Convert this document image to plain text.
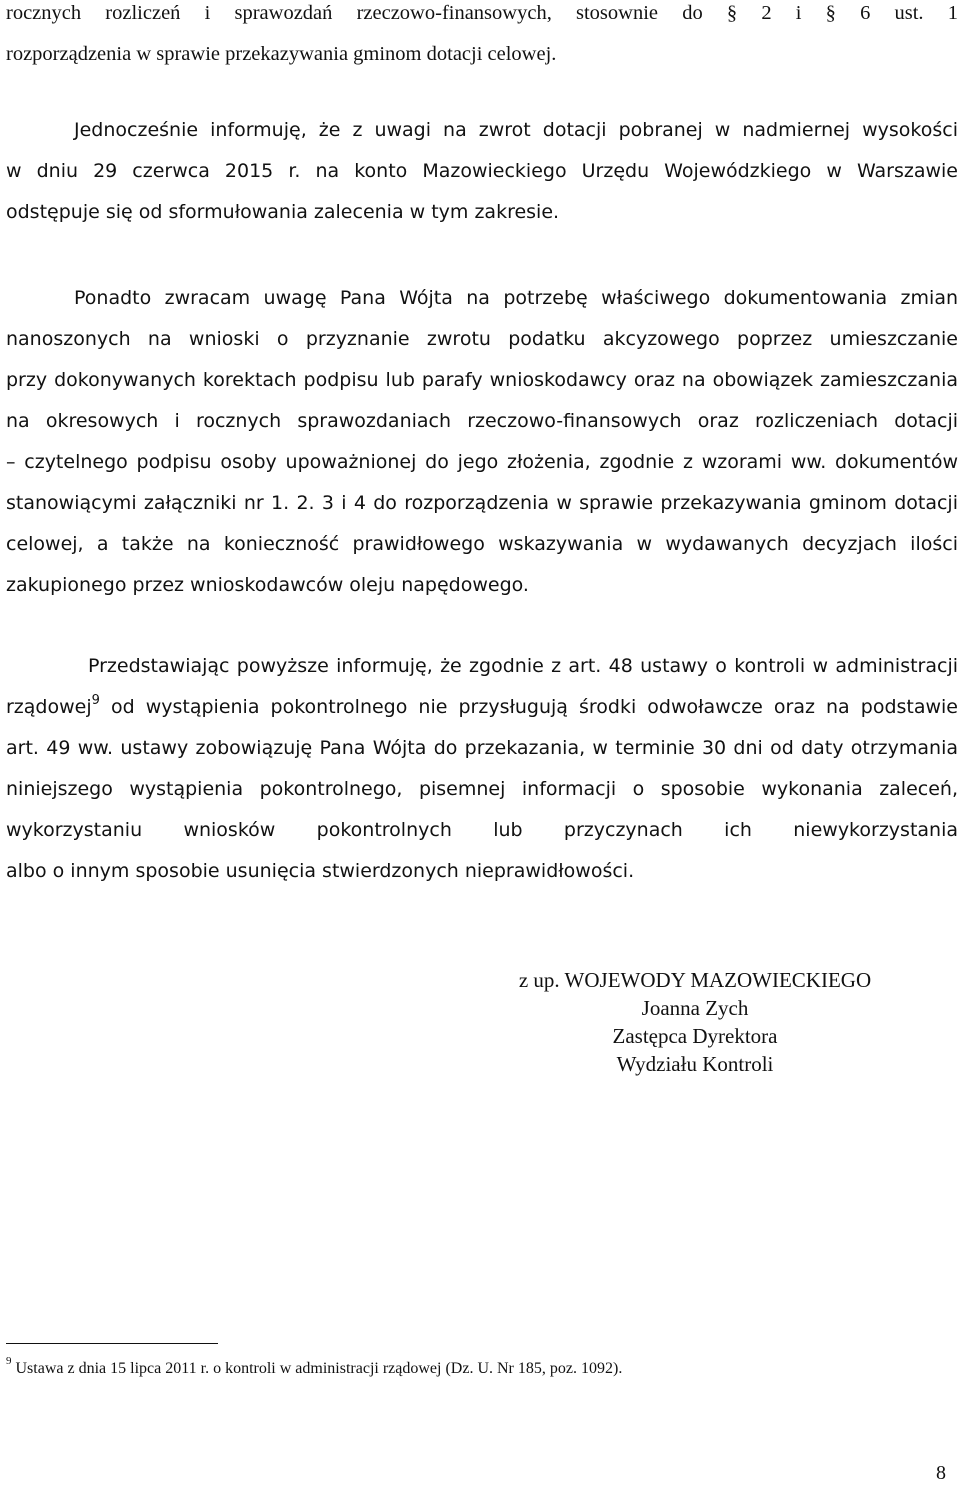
rocznych rozliczeń i sprawozdań rzeczowo-finansowych, stosownie do § 2 i § 6 ust. 1
rozporządzenia w sprawie przekazywania gminom dotacji celowej.
Jednocześnie informuję, że z uwagi na zwrot dotacji pobranej w nadmiernej wysokości
w dniu 29 czerwca 2015 r. na konto Mazowieckiego Urzędu Wojewódzkiego w Warszawie
odstępuje się od sformułowania zalecenia w tym zakresie.
Ponadto zwracam uwagę Pana Wójta na potrzebę właściwego dokumentowania zmian
nanoszonych na wnioski o przyznanie zwrotu podatku akcyzowego poprzez umieszczanie
przy dokonywanych korektach podpisu lub parafy wnioskodawcy oraz na obowiązek zamieszczania
na okresowych i rocznych sprawozdaniach rzeczowo-finansowych oraz rozliczeniach dotacji
– czytelnego podpisu osoby upoważnionej do jego złożenia, zgodnie z wzorami ww. dokumentów
stanowiącymi załączniki nr 1. 2. 3 i 4 do rozporządzenia w sprawie przekazywania gminom dotacji
celowej, a także na konieczność prawidłowego wskazywania w wydawanych decyzjach ilości
zakupionego przez wnioskodawców oleju napędowego.
Przedstawiając powyższe informuję, że zgodnie z art. 48 ustawy o kontroli w administracji
rządowej$^9$ od wystąpienia pokontrolnego nie przysługują środki odwoławcze oraz na podstawie
art. 49 ww. ustawy zobowiązuję Pana Wójta do przekazania, w terminie 30 dni od daty otrzymania
niniejszego wystąpienia pokontrolnego, pisemnej informacji o sposobie wykonania zaleceń,
wykorzystaniu wniosków pokontrolnych lub przyczynach ich niewykorzystania
albo o innym sposobie usunięcia stwierdzonych nieprawidłowości.
z up. WOJEWODY MAZOWIECKIEGO
Joanna Zych
Zastępca Dyrektora
Wydziału Kontroli
$^9$ Ustawa z dnia 15 lipca 2011 r. o kontroli w administracji rządowej (Dz. U. Nr 185, poz. 1092).
8
